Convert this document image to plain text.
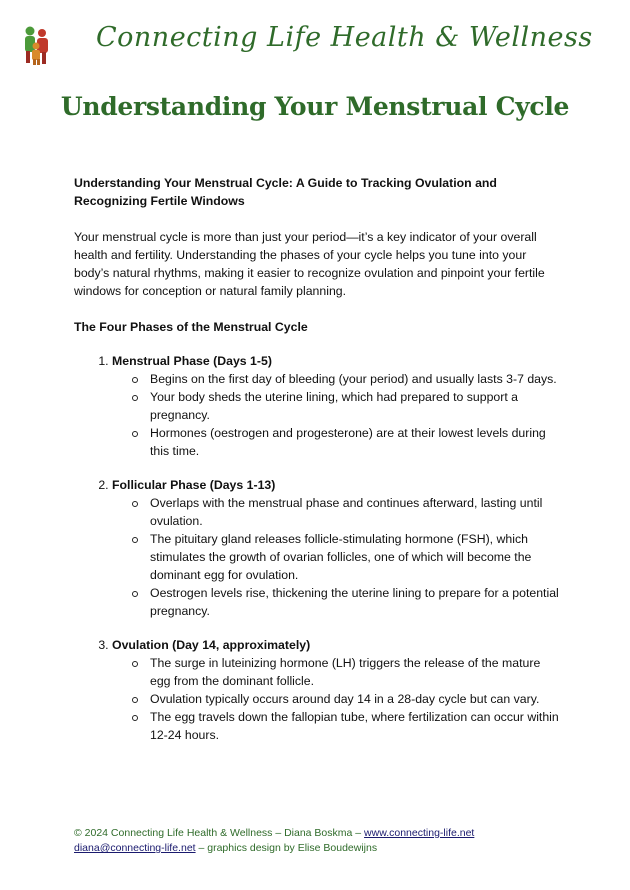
Connecting Life Health & Wellness
Understanding Your Menstrual Cycle

Understanding Your Menstrual Cycle: A Guide to Tracking Ovulation and Recognizing Fertile Windows

Your menstrual cycle is more than just your period—it’s a key indicator of your overall health and fertility. Understanding the phases of your cycle helps you tune into your body’s natural rhythms, making it easier to recognize ovulation and pinpoint your fertile windows for conception or natural family planning.

The Four Phases of the Menstrual Cycle

1. Menstrual Phase (Days 1-5)
Begins on the first day of bleeding (your period) and usually lasts 3-7 days.
Your body sheds the uterine lining, which had prepared to support a pregnancy.
Hormones (oestrogen and progesterone) are at their lowest levels during this time.
2. Follicular Phase (Days 1-13)
Overlaps with the menstrual phase and continues afterward, lasting until ovulation.
The pituitary gland releases follicle-stimulating hormone (FSH), which stimulates the growth of ovarian follicles, one of which will become the dominant egg for ovulation.
Oestrogen levels rise, thickening the uterine lining to prepare for a potential pregnancy.
3. Ovulation (Day 14, approximately)
The surge in luteinizing hormone (LH) triggers the release of the mature egg from the dominant follicle.
Ovulation typically occurs around day 14 in a 28-day cycle but can vary.
The egg travels down the fallopian tube, where fertilization can occur within 12-24 hours.
© 2024 Connecting Life Health & Wellness – Diana Boskma – www.connecting-life.net
diana@connecting-life.net – graphics design by Elise Boudewijns
